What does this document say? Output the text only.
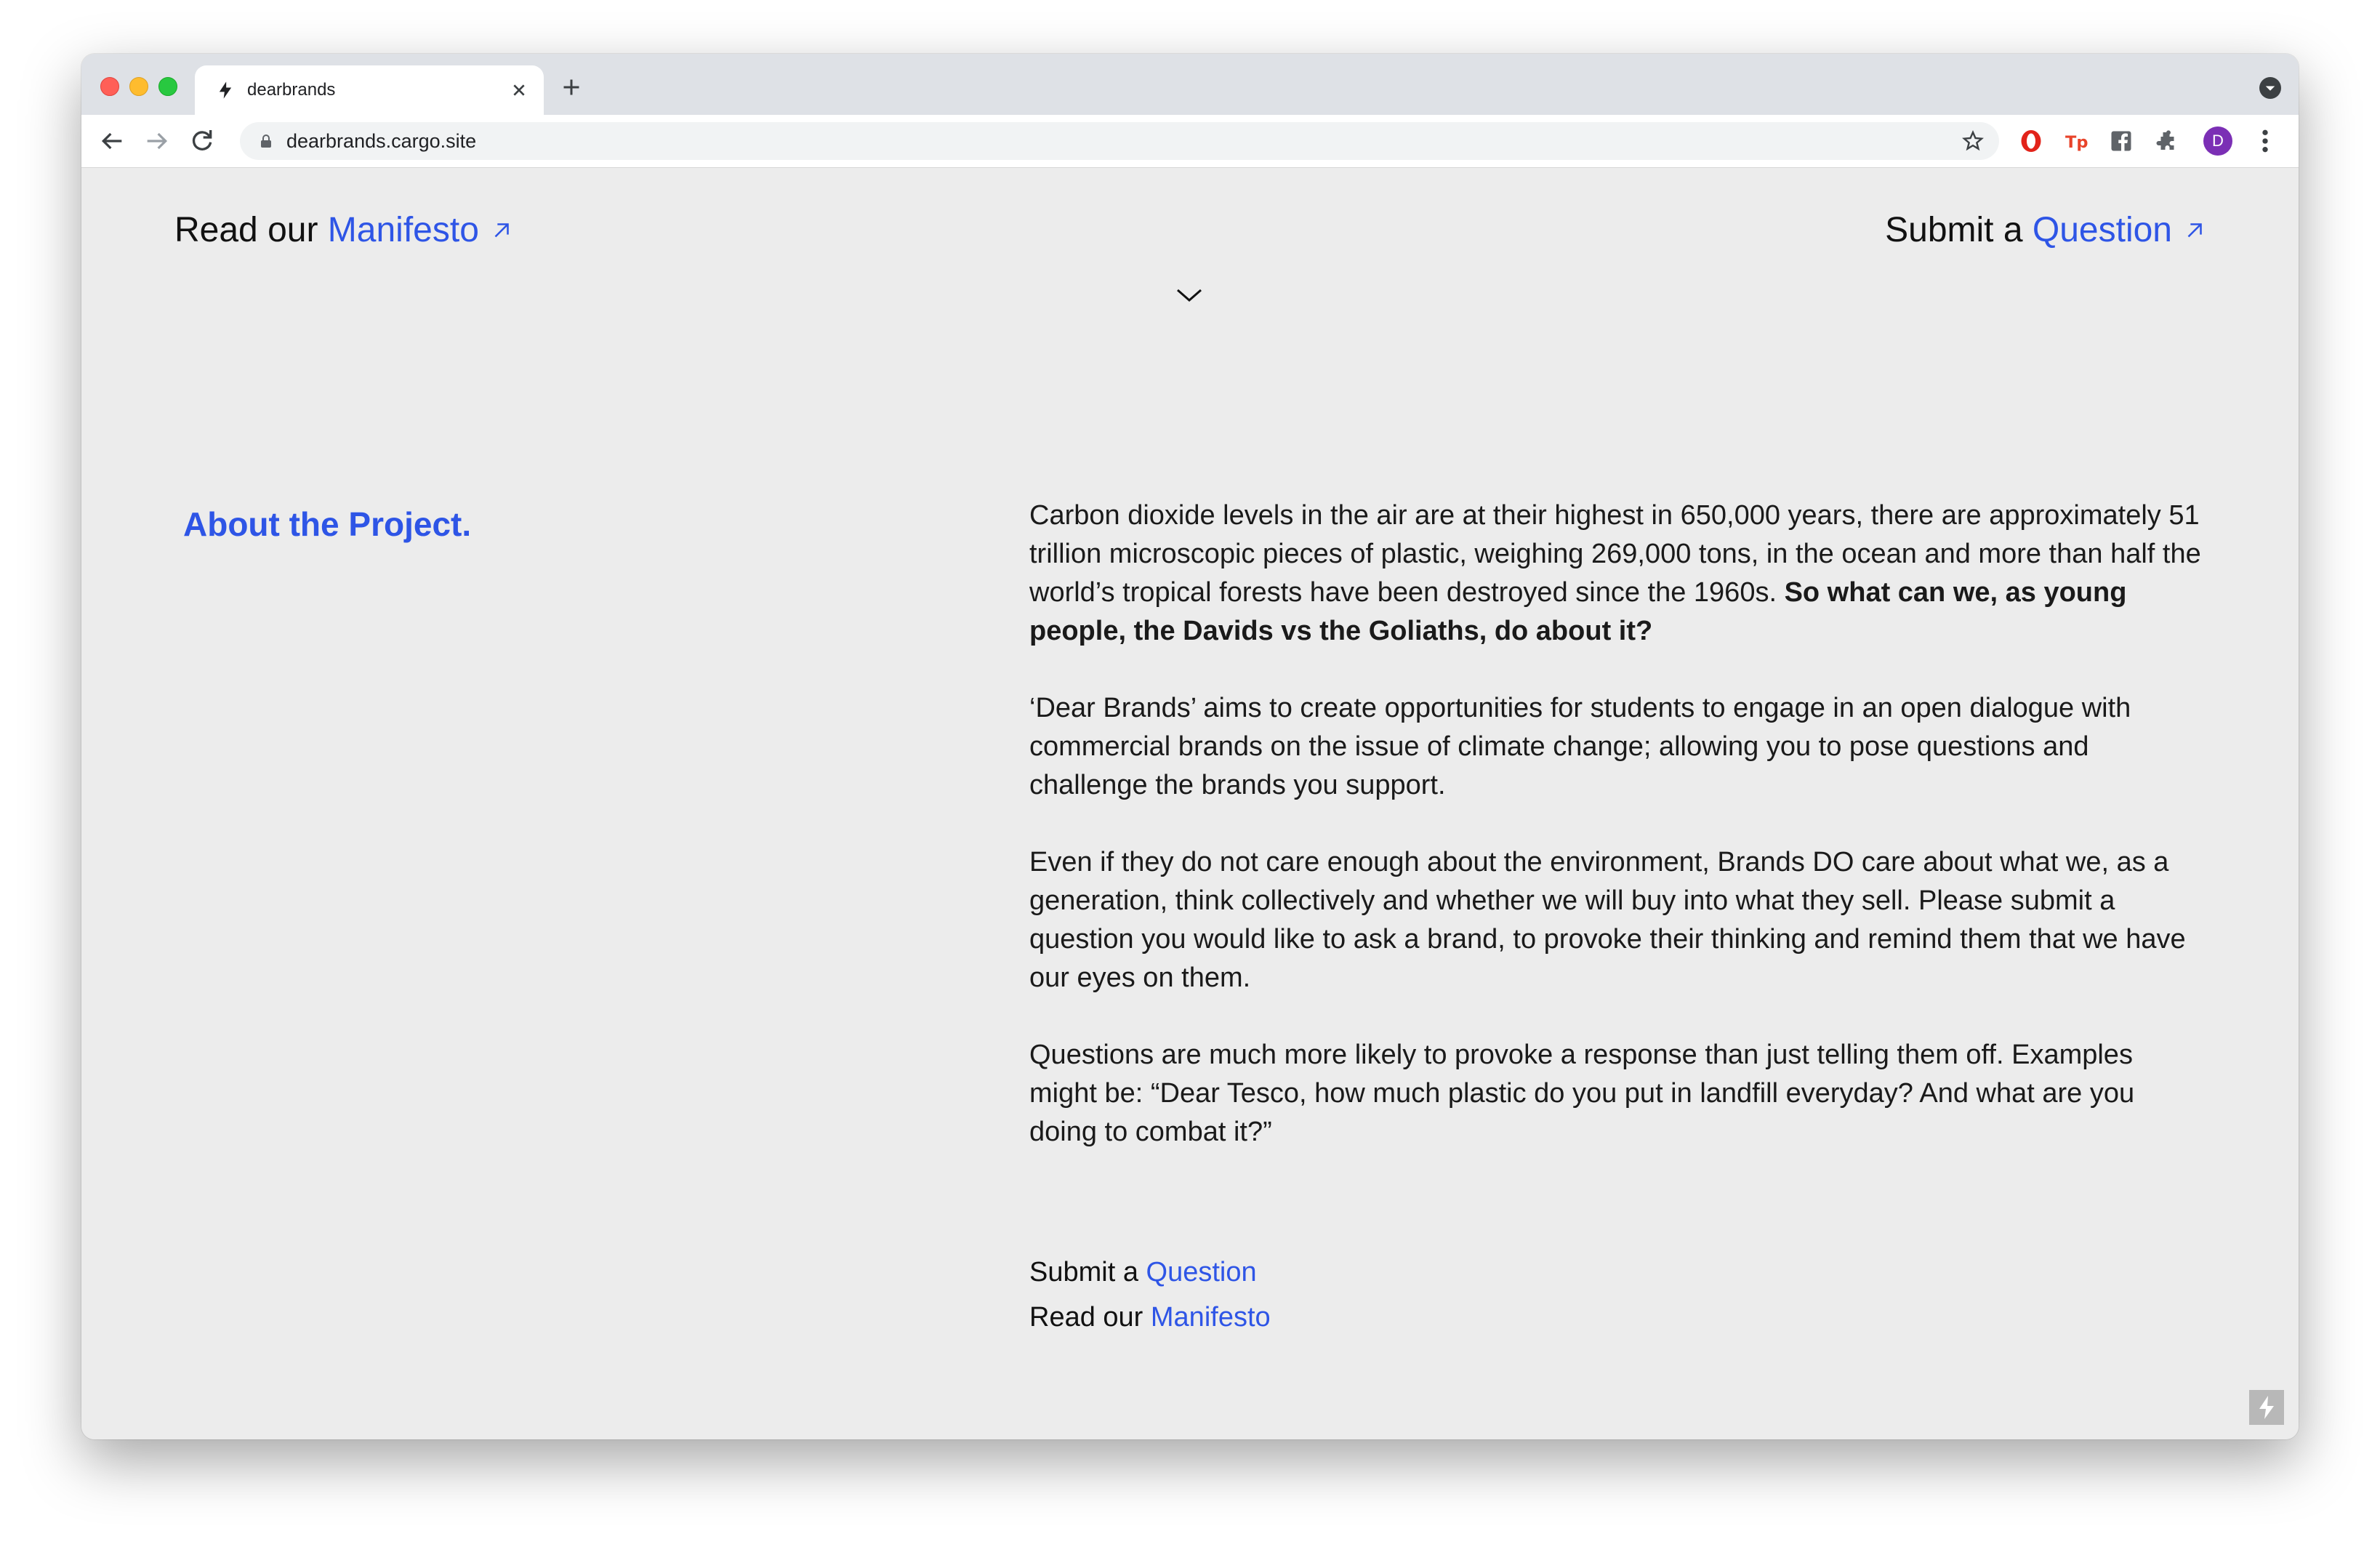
dearbrands
dearbrands.cargo.site	Tp	D
Read our Manifesto	Submit a Question
About the Project.	Carbon dioxide levels in the air are at their highest in 650,000 years, there are approximately 51 trillion microscopic pieces of plastic, weighing 269,000 tons, in the ocean and more than half the world’s tropical forests have been destroyed since the 1960s. So what can we, as young people, the Davids vs the Goliaths, do about it?

‘Dear Brands’ aims to create opportunities for students to engage in an open dialogue with commercial brands on the issue of climate change; allowing you to pose questions and challenge the brands you support.

Even if they do not care enough about the environment, Brands DO care about what we, as a generation, think collectively and whether we will buy into what they sell. Please submit a question you would like to ask a brand, to provoke their thinking and remind them that we have our eyes on them.

Questions are much more likely to provoke a response than just telling them off. Examples might be: “Dear Tesco, how much plastic do you put in landfill everyday? And what are you doing to combat it?”

Submit a Question
Read our Manifesto
